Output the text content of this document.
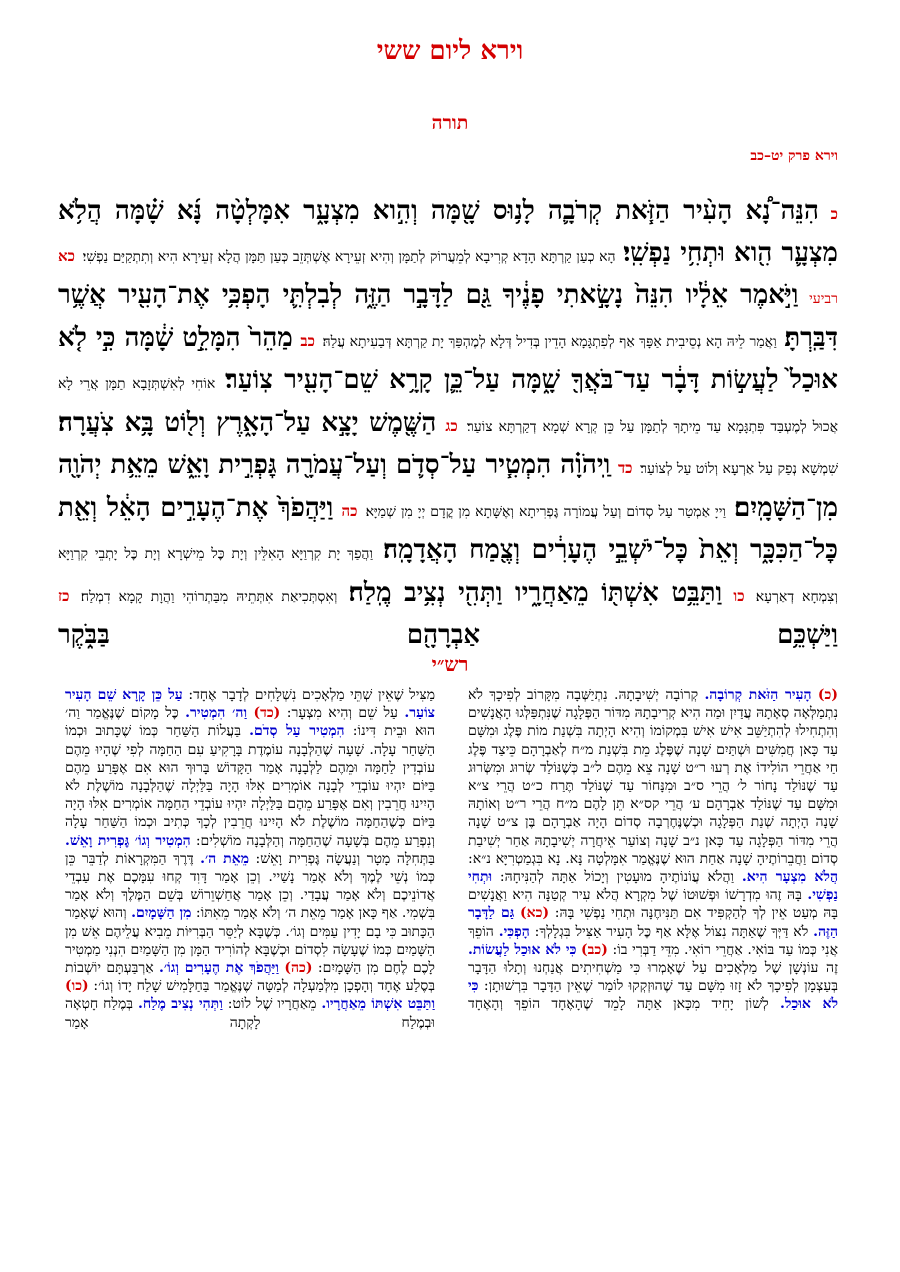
וירא ליום ששי
תורה
וירא פרק יט–כב
כ הִנֵּה־נָ֠א הָעִ֨יר הַזֹּ֧את קְרֹבָ֛ה לָנ֥וּס שָׁ֖מָּה וְהִ֣וא מִצְעָ֑ר אִמָּלְטָ֨ה נָּ֜א שָׁ֗מָּה הֲלֹ֥א מִצְעָ֛ר הִ֖וא וּתְחִ֥י נַפְשִֽׁי׃ הָא כְעַן קַרְתָּא הָדָא קְרִיבָא לְמֵעֲרוֹק לְתַמָּן וְהִיא זְעֵירָא אֶשְׁתְּזֵב כְּעַן תַּמָּן הֲלָא זְעֵירָא הִיא וְתִתְקַיַּם נַפְשִׁי׃ כא רביעי וַיֹּ֣אמֶר אֵלָ֔יו הִנֵּה֙ נָשָׂ֣אתִי פָנֶ֔יךָ גַּ֖ם לַדָּבָ֣ר הַזֶּ֑ה לְבִלְתִּ֛י הָפְכִּ֥י אֶת־הָעִ֖יר אֲשֶׁ֥ר דִּבַּֽרְתָּ׃ וַאֲמַר לֵיהּ הָא נְסֵיבִית אַפָּךְ אַף לְפִתְגָּמָא הָדֵין בְּדִיל דְּלָא לְמֶהְפַּךְ יָת קַרְתָּא דְּבַעִיתָא עֲלַהּ׃ כב מַהֵר֙ הִמָּלֵ֣ט שָׁ֔מָּה כִּ֣י לֹ֤א אוּכַל֙ לַעֲשׂ֣וֹת דָּבָ֔ר עַד־בֹּאֲךָ֖ שָׁ֑מָּה עַל־כֵּ֛ן קָרָ֥א שֵׁם־הָעִ֖יר צֽוֹעַר׃ אוֹחִי לְאִשְׁתְּזָבָא תַמָּן אֲרֵי לָא אֲכוּל לְמֶעְבַּד פִּתְגָּמָא עַד מֵיתָךְ לְתַמָּן עַל כֵּן קְרָא שְׁמָא דְקַרְתָּא צוֹעַר׃ כג הַשֶּׁ֖מֶשׁ יָצָ֣א עַל־הָאָ֑רֶץ וְל֖וֹט בָּ֥א צֹֽעֲרָה׃ שִׁמְשָׁא נְפַק עַל אַרְעָא וְלוֹט עַל לְצוֹעַר׃ כד וַֽיהֹוָ֗ה הִמְטִ֧יר עַל־סְדֹ֛ם וְעַל־עֲמֹרָ֖ה גׇּפְרִ֣ית וָאֵ֑שׁ מֵאֵ֥ת יְהֹוָ֖ה מִן־הַשָּׁמָֽיִם׃ וַייָ אַמְטַר עַל סְדוֹם וְעַל עֲמוֹרָה גׇּפְרִיתָא וְאֶשָּׁתָא מִן קֳדָם יְיָ מִן שְׁמַיָּא׃ כה וַיַּהֲפֹךְ֙ אֶת־הֶעָרִ֣ים הָאֵ֔ל וְאֵ֖ת כׇּל־הַכִּכָּ֑ר וְאֵת֙ כׇּל־יֹשְׁבֵ֣י הֶעָרִ֔ים וְצֶ֖מַח הָאֲדָמָֽה׃ וַהֲפַךְ יָת קִרְוַיָּא הָאִלֵּין וְיָת כׇּל מֵישְׁרָא וְיָת כׇּל יָתְבֵי קִרְוַיָּא וְצִמְחָא דְאַרְעָא׃ כו וַתַּבֵּ֥ט אִשְׁתּ֖וֹ מֵאַחֲרָ֑יו וַתְּהִ֖י נְצִ֥יב מֶֽלַח׃ וְאִסְתְּכִיאַת אִתְּתֵיהּ מִבַּתְרוֹהִי וַהֲוָת קָמָא דִמְלַח׃ כז וַיַּשְׁכֵּ֥ם אַבְרָהָ֖ם בַּבֹּ֑קֶר
רש״י
(כ) הָעִיר הַזֹּאת קְרוֹבָה. קְרוֹבָה יְשִׁיבָתָהּ. נִתְיַשְּׁבָה מִקָּרוֹב לְפִיכָךְ לֹא נִתְמַלְּאָה סְאָתָהּ עֲדַיִן וּמַה הִיא קְרִיבָתָהּ מִדּוֹר הַפְּלָגָה שֶׁנִּתְפַּלְּגוּ הָאֲנָשִׁים וְהִתְחִילוּ לְהִתְיַשֵּׁב אִישׁ אִישׁ בִּמְקוֹמוֹ וְהִיא הָיְתָה בִּשְׁנַת מוֹת פֶּלֶג וּמִשָּׁם עַד כָּאן חֲמִשִּׁים וּשְׁתַּיִם שָׁנָה שֶׁפֶּלֶג מֵת בִּשְׁנַת מ״ח לְאַבְרָהָם כֵּיצַד פֶּלֶג חַי אַחֲרֵי הוֹלִידוֹ אֶת רְעוּ ר״ט שָׁנָה צֵא מֵהֶם ל״ב כְּשֶׁנּוֹלַד שְׂרוּג וּמִשְּׂרוּג עַד שֶׁנּוֹלַד נָחוֹר ל׳ הֲרֵי ס״ב וּמִנָּחוֹר עַד שֶׁנּוֹלַד תֶּרַח כ״ט הֲרֵי צ״א וּמִשָּׁם עַד שֶׁנּוֹלַד אַבְרָהָם ע׳ הֲרֵי קס״א תֵּן לָהֶם מ״ח הֲרֵי ר״ט וְאוֹתָהּ שָׁנָה הָיְתָה שְׁנַת הַפְּלָגָה וּכְשֶׁנֶּחֶרְבָה סְדוֹם הָיָה אַבְרָהָם בֶּן צ״ט שָׁנָה הֲרֵי מִדּוֹר הַפְּלָגָה עַד כָּאן נ״ב שָׁנָה וְצוֹעַר אֵיחֲרָה יְשִׁיבָתָהּ אַחַר יְשִׁיבַת סְדוֹם וַחֲבֵרוֹתֶיהָ שָׁנָה אַחַת הוּא שֶׁנֶּאֱמַר אִמָּלְטָה נָּא. נָא בִּגְמַטְרִיָּא נ״א: הֲלֹא מִצְעָר הִיא. וַהֲלֹא עֲוֹנוֹתֶיהָ מוּעָטִין וְיָכוֹל אַתָּה לְהַנִּיחָהּ: וּתְחִי נַפְשִׁי. בָּהּ זֶהוּ מִדְרָשׁוֹ וּפְשׁוּטוֹ שֶׁל מִקְרָא הֲלֹא עִיר קְטַנָּה הִיא וַאֲנָשִׁים בָּהּ מְעַט אֵין לְךָ לְהַקְפִּיד אִם תַּנִּיחֶנָּה וּתְחִי נַפְשִׁי בָּהּ: (כא) גַּם לַדָּבָר הַזֶּה. לֹא דַּיְּךָ שֶׁאַתָּה נִצּוֹל אֶלָּא אַף כׇּל הָעִיר אַצִּיל בִּגְלָלְךָ: הָפְכִּי. הוֹפֵךְ אֲנִי כְּמוֹ עַד בּוֹאִי. אַחֲרֵי רוֹאִי. מִדֵּי דַבְּרִי בוֹ: (כב) כִּי לֹא אוּכַל לַעֲשׂוֹת. זֶה עוֹנְשָׁן שֶׁל מַלְאָכִים עַל שֶׁאָמְרוּ כִּי מַשְׁחִיתִים אֲנַחְנוּ וְתָלוּ הַדָּבָר בְּעַצְמָן לְפִיכָךְ לֹא זָזוּ מִשָּׁם עַד שֶׁהוּזְקְקוּ לוֹמַר שֶׁאֵין הַדָּבָר בִּרְשׁוּתָן: כִּי לֹא אוּכַל. לְשׁוֹן יָחִיד מִכָּאן אַתָּה לָמֵד שֶׁהָאֶחָד הוֹפֵךְ וְהָאֶחָד
מַצִּיל שֶׁאֵין שְׁתֵּי מַלְאָכִים נִשְׁלָחִים לְדָבָר אֶחָד: עַל כֵּן קָרָא שֵׁם הָעִיר צוֹעַר. עַל שֵׁם וְהִיא מִצְעָר: (כד) וַה׳ הִמְטִיר. כׇּל מָקוֹם שֶׁנֶּאֱמַר וַה׳ הוּא וּבֵית דִּינוֹ: הִמְטִיר עַל סְדֹם. בַּעֲלוֹת הַשַּׁחַר כְּמוֹ שֶׁכָּתוּב וּכְמוֹ הַשַּׁחַר עָלָה. שָׁעָה שֶׁהַלְּבָנָה עוֹמֶדֶת בָּרָקִיעַ עִם הַחַמָּה לְפִי שֶׁהָיוּ מֵהֶם עוֹבְדִין לַחַמָּה וּמֵהֶם לַלְּבָנָה אָמַר הַקָּדוֹשׁ בָּרוּךְ הוּא אִם אֶפָּרַע מֵהֶם בַּיּוֹם יִהְיוּ עוֹבְדֵי לְבָנָה אוֹמְרִים אִלּוּ הָיָה בַּלַּיְלָה שֶׁהַלְּבָנָה מוֹשֶׁלֶת לֹא הָיִינוּ חֲרֵבִין וְאִם אֶפָּרַע מֵהֶם בַּלַּיְלָה יִהְיוּ עוֹבְדֵי הַחַמָּה אוֹמְרִים אִלּוּ הָיָה בַּיּוֹם כְּשֶׁהַחַמָּה מוֹשֶׁלֶת לֹא הָיִינוּ חֲרֵבִין לְכָךְ כְּתִיב וּכְמוֹ הַשַּׁחַר עָלָה וְנִפְרַע מֵהֶם בְּשָׁעָה שֶׁהַחַמָּה וְהַלְּבָנָה מוֹשְׁלִים: הִמְטִיר וְגוֹ׳ גׇּפְרִית וָאֵשׁ. בַּתְּחִלָּה מָטָר וְנַעֲשָׂה גׇּפְרִית וָאֵשׁ: מֵאֵת ה׳. דֶּרֶךְ הַמִּקְרָאוֹת לְדַבֵּר כֵּן כְּמוֹ נְשֵׁי לֶמֶךְ וְלֹא אָמַר נָשַׁיי. וְכֵן אָמַר דָּוִד קְחוּ עִמָּכֶם אֶת עַבְדֵי אֲדוֹנֵיכֶם וְלֹא אָמַר עֲבָדַי. וְכֵן אָמַר אֲחַשְׁוֵרוֹשׁ בְּשֵׁם הַמֶּלֶךְ וְלֹא אָמַר בִּשְׁמִי. אַף כָּאן אָמַר מֵאֵת ה׳ וְלֹא אָמַר מֵאִתּוֹ: מִן הַשָּׁמָיִם. וְהוּא שֶׁאָמַר הַכָּתוּב כִּי בָם יָדִין עַמִּים וְגוֹ׳. כְּשֶׁבָּא לְיַסֵּר הַבְּרִיּוֹת מֵבִיא עֲלֵיהֶם אֵשׁ מִן הַשָּׁמַיִם כְּמוֹ שֶׁעָשָׂה לִסְדוֹם וּכְשֶׁבָּא לְהוֹרִיד הַמָּן מִן הַשָּׁמַיִם הִנְנִי מַמְטִיר לָכֶם לֶחֶם מִן הַשָּׁמָיִם: (כה) וַיַּהֲפֹךְ אֶת הֶעָרִים וְגוֹ׳. אַרְבַּעְתָּם יוֹשְׁבוֹת בְּסֶלַע אֶחָד וְהָפְכָן מִלְּמַעְלָה לְמַטָּה שֶׁנֶּאֱמַר בַּחַלָּמִישׁ שָׁלַח יָדוֹ וְגוֹ׳: (כו) וַתַּבֵּט אִשְׁתּוֹ מֵאַחֲרָיו. מֵאַחֲרָיו שֶׁל לוֹט: וַתְּהִי נְצִיב מֶלַח. בְּמֶלַח חָטְאָה וּבְמֶלַח לָקְתָה אָמַר
